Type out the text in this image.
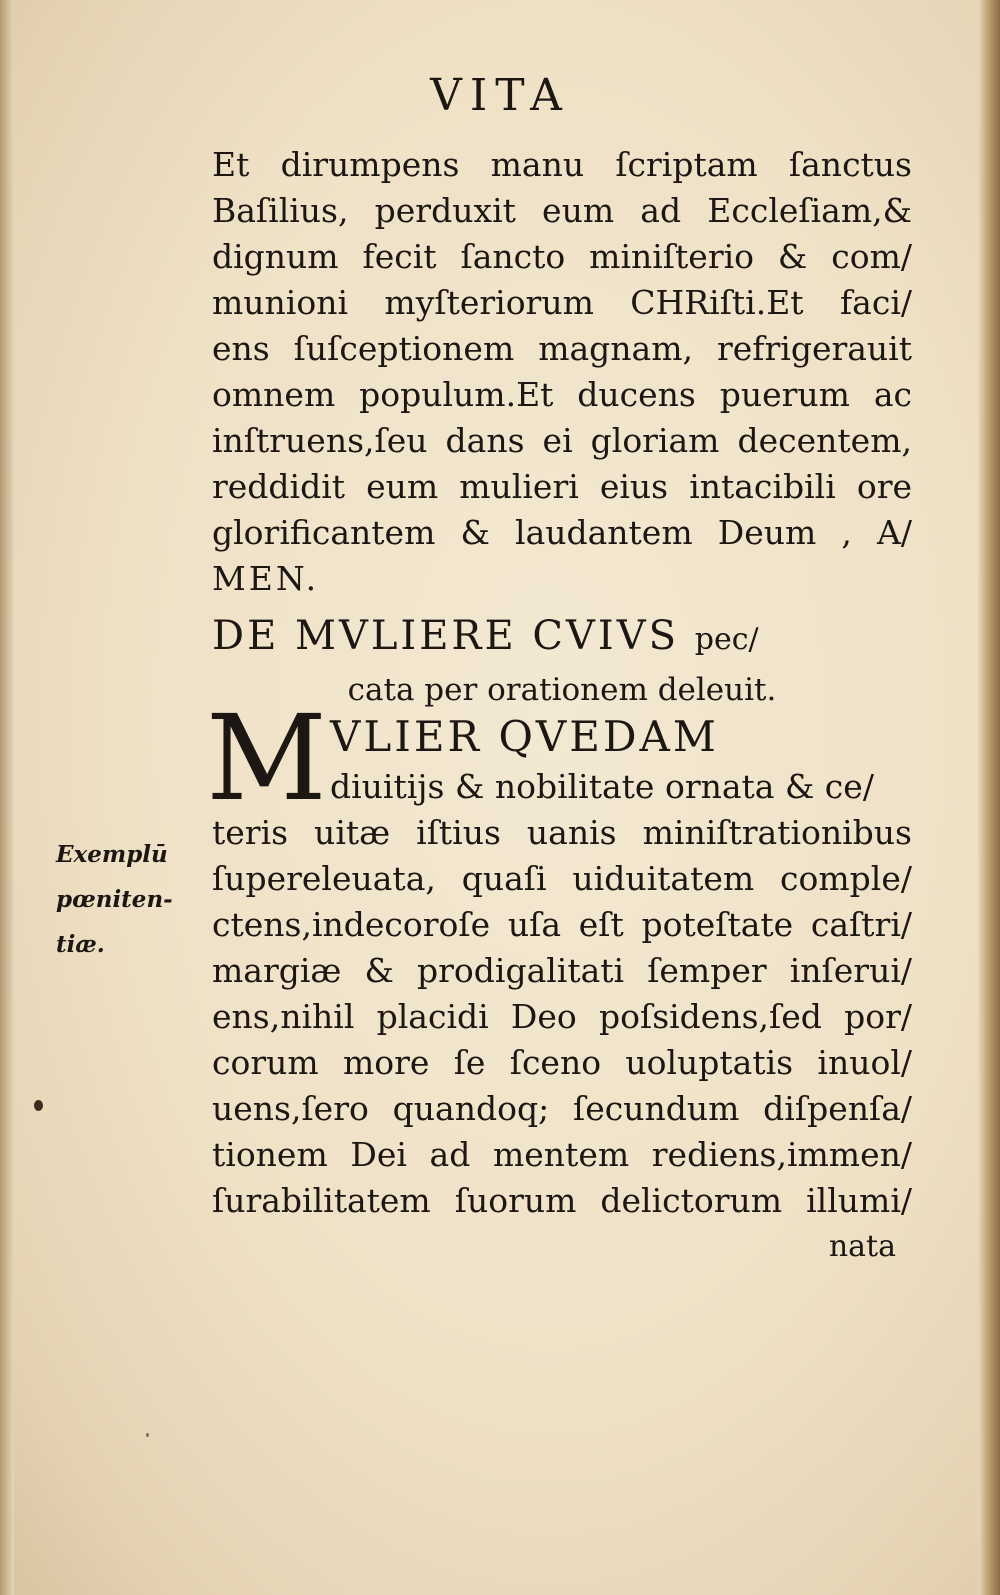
VITA
Et dirumpens manu ſcriptam ſanctus
Baſilius, perduxit eum ad Eccleſiam,&
dignum fecit ſancto miniſterio & com/
munioni myſteriorum CHRiſti.Et faci/
ens ſuſceptionem magnam, refrigerauit
omnem populum.Et ducens puerum ac
inſtruens,ſeu dans ei gloriam decentem,
reddidit eum mulieri eius intacibili ore
glorificantem & laudantem Deum , A/
MEN.
DE MVLIERE CVIVS pec/
cata per orationem deleuit.
M VLIER QVEDAM
diuitijs & nobilitate ornata & ce/
teris uitæ iſtius uanis miniſtrationibus
ſupereleuata, quaſi uiduitatem comple/
ctens,indecoroſe uſa eſt poteſtate caſtri/
margiæ & prodigalitati ſemper inſerui/
ens,nihil placidi Deo poſsidens,ſed por/
corum more ſe ſceno uoluptatis inuol/
uens,ſero quandoq; ſecundum diſpenſa/
tionem Dei ad mentem rediens,immen/
ſurabilitatem ſuorum delictorum illumi/
nata
Exemplū
pœniten-
tiæ.
